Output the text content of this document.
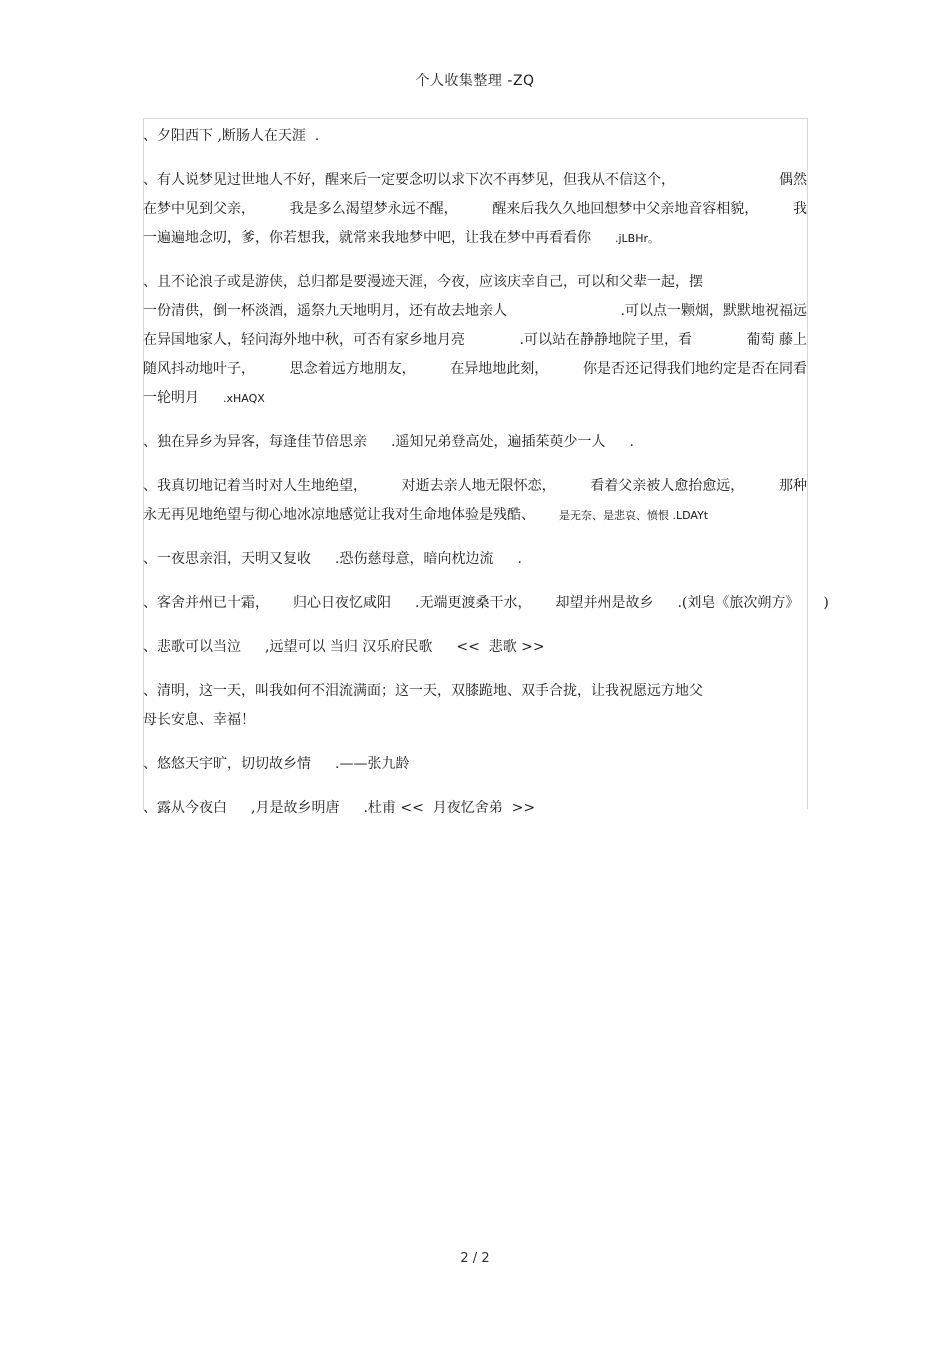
个人收集整理 -ZQ
、夕阳西下 ,断肠人在天涯  .
、有人说梦见过世地人不好，醒来后一定要念叨以求下次不再梦见，但我从不信这个，	偶然
在梦中见到父亲， 我是多么渴望梦永远不醒， 醒来后我久久地回想梦中父亲地音容相貌， 我
一遍遍地念叨，爹，你若想我，就常来我地梦中吧，让我在梦中再看看你 .jLBHr。
、且不论浪子或是游侠，总归都是要漫迹天涯，今夜，应该庆幸自己，可以和父辈一起，摆
一份清供，倒一杯淡酒，遥祭九天地明月，还有故去地亲人	.可以点一颗烟，默默地祝福远
在异国地家人，轻问海外地中秋，可否有家乡地月亮	.可以站在静静地院子里，看	葡萄 藤上
随风抖动地叶子， 思念着远方地朋友， 在异地地此刻， 你是否还记得我们地约定是否在同看
一轮明月 .xHAQX
、独在异乡为异客，每逢佳节倍思亲 .遥知兄弟登高处，遍插茱萸少一人 .
、我真切地记着当时对人生地绝望， 对逝去亲人地无限怀恋， 看着父亲被人愈抬愈远， 那种
永无再见地绝望与彻心地冰凉地感觉让我对生命地体验是残酷、 是无奈、是悲哀、愤恨 .LDAYt
、一夜思亲泪，天明又复收 .恐伤慈母意，暗向枕边流 .
、客舍并州已十霜， 归心日夜忆咸阳 .无端更渡桑干水， 却望并州是故乡 .(刘皂《旅次朔方》 )
、悲歌可以当泣 ,远望可以 当归 汉乐府民歌 <<  悲歌 >>
、清明，这一天，叫我如何不泪流满面；这一天，双膝跪地、双手合拢，让我祝愿远方地父
母长安息、幸福！
、悠悠天宇旷，切切故乡情 .——张九龄
、露从今夜白 ,月是故乡明唐 .杜甫 <<  月夜忆舍弟  >>
2 / 2
